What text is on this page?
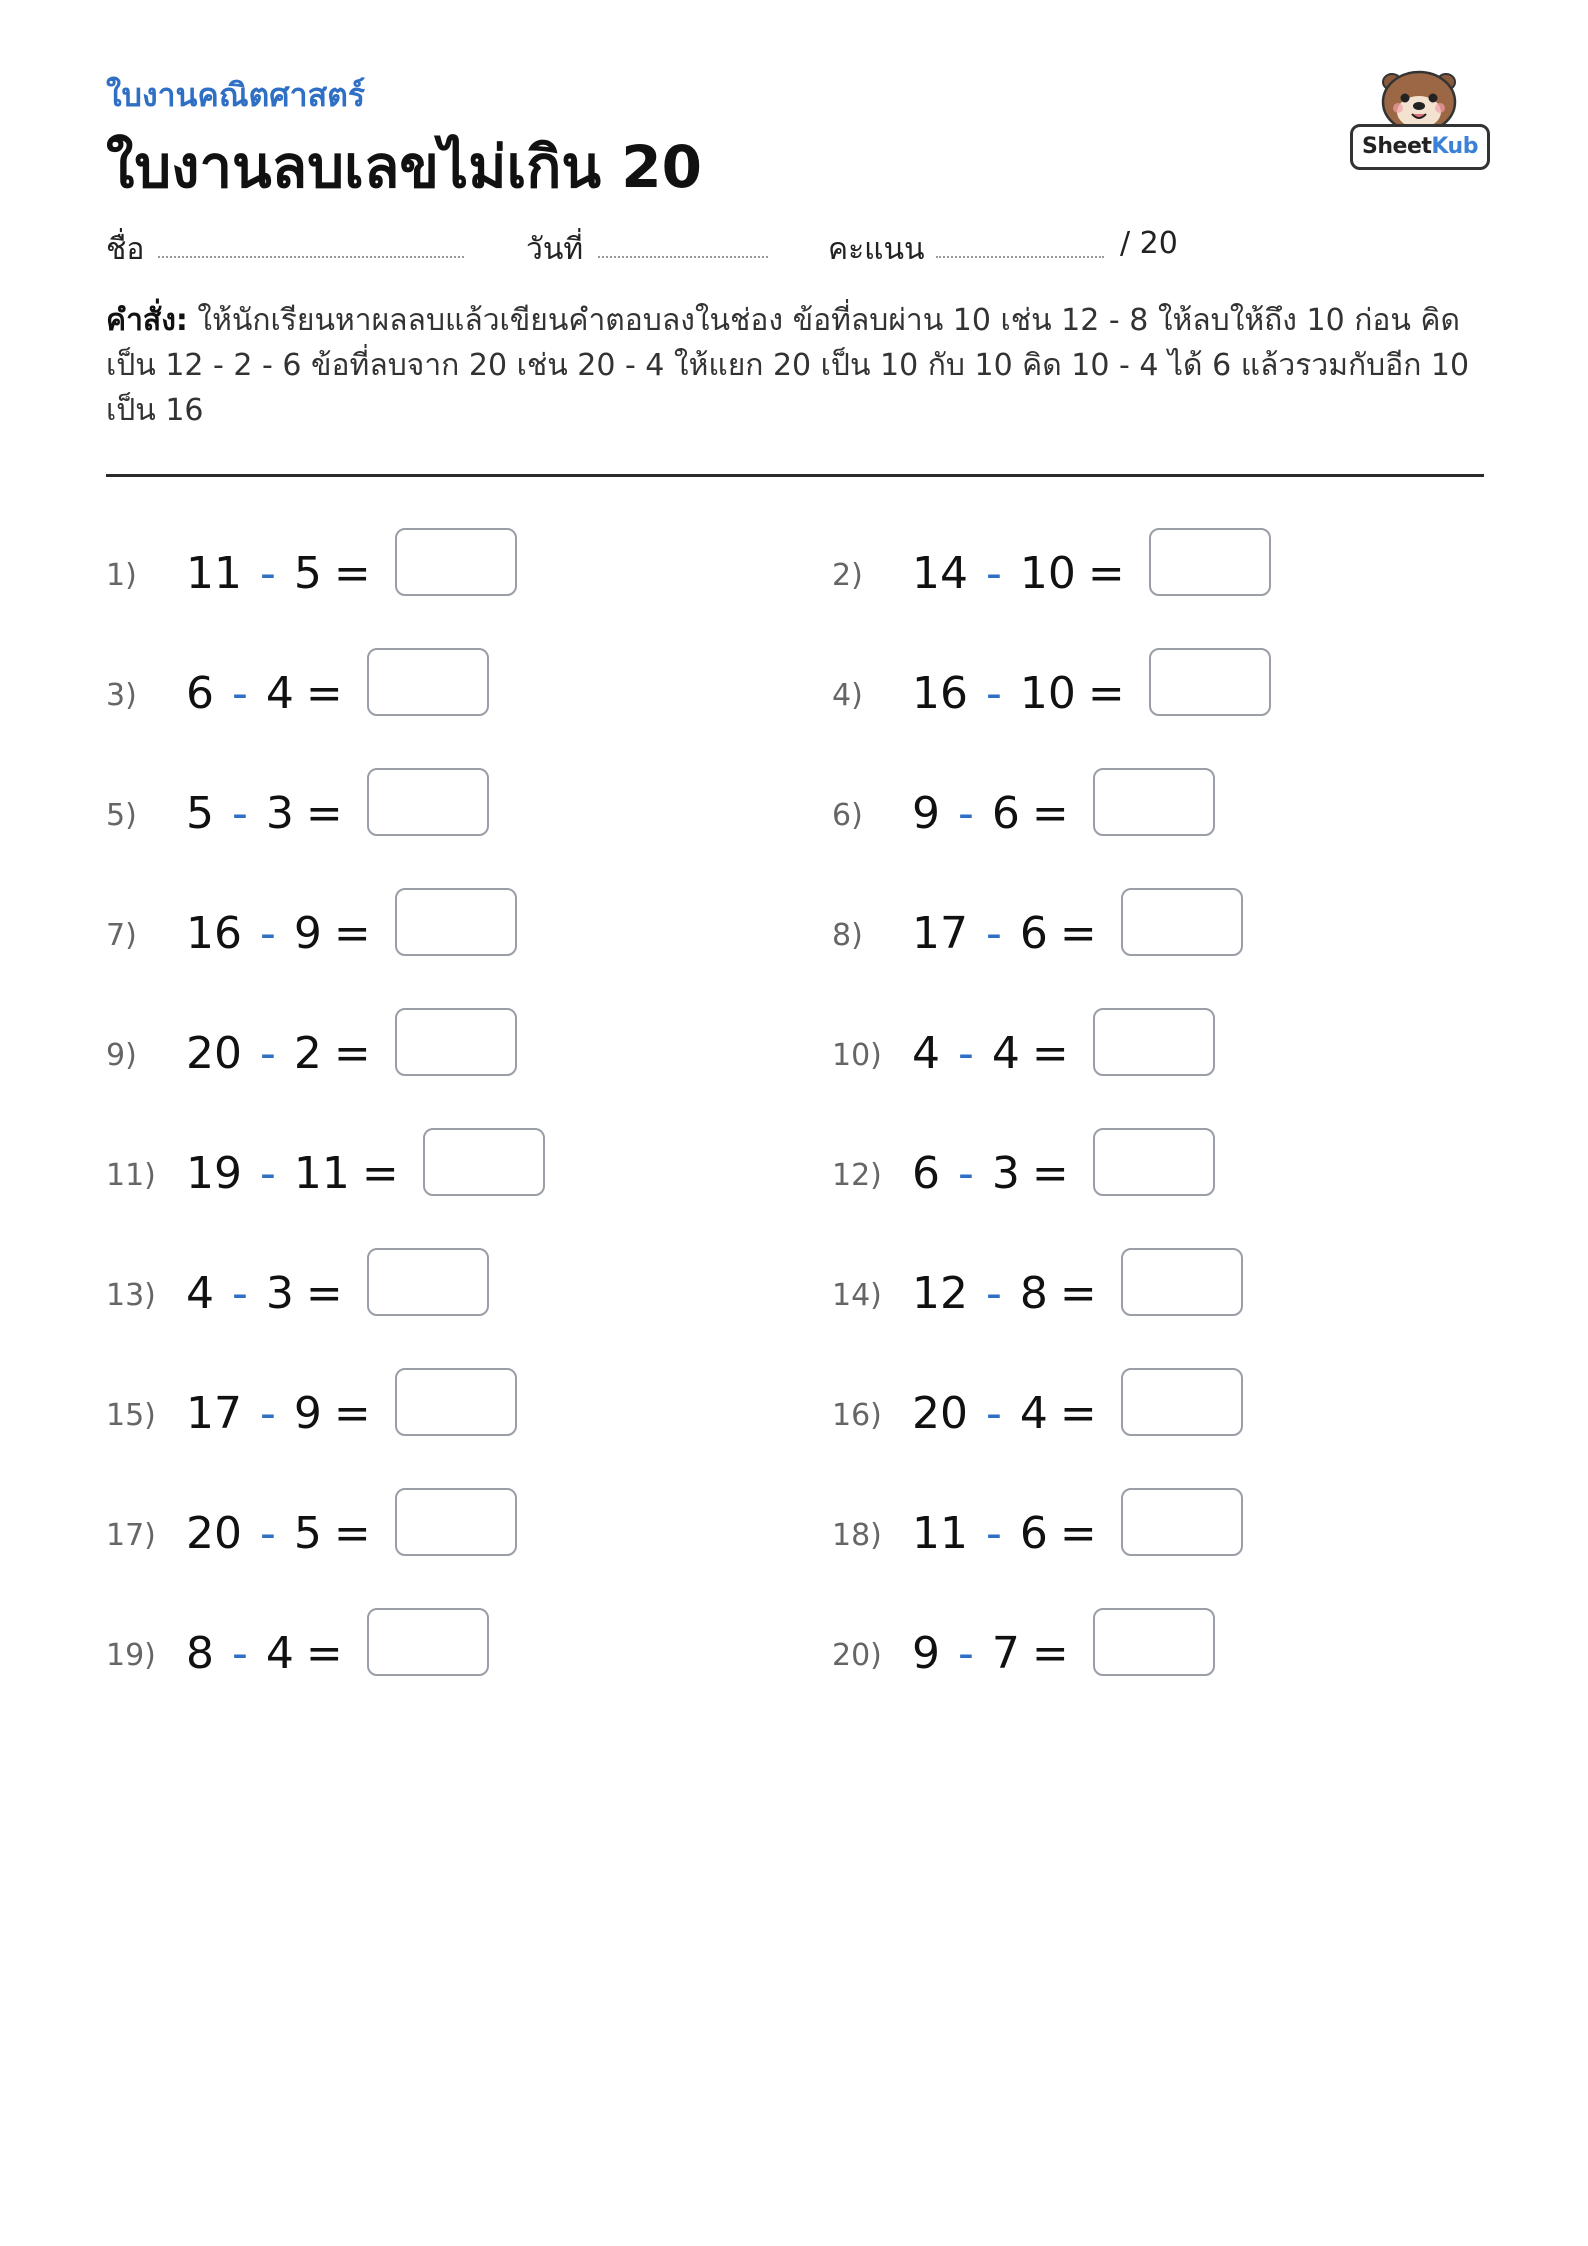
ใบงานคณิตศาสตร์
ใบงานลบเลขไม่เกิน 20	SheetKub
ชื่อ	วันที่	คะแนน	/ 20
คำสั่ง: ให้นักเรียนหาผลลบแล้วเขียนคำตอบลงในช่อง ข้อที่ลบผ่าน 10 เช่น 12 - 8 ให้ลบให้ถึง 10 ก่อน คิดเป็น 12 - 2 - 6 ข้อที่ลบจาก 20 เช่น 20 - 4 ให้แยก 20 เป็น 10 กับ 10 คิด 10 - 4 ได้ 6 แล้วรวมกับอีก 10 เป็น 16
1) 11 - 5 =	2) 14 - 10 =
3) 6 - 4 =	4) 16 - 10 =
5) 5 - 3 =	6) 9 - 6 =
7) 16 - 9 =	8) 17 - 6 =
9) 20 - 2 =	10) 4 - 4 =
11) 19 - 11 =	12) 6 - 3 =
13) 4 - 3 =	14) 12 - 8 =
15) 17 - 9 =	16) 20 - 4 =
17) 20 - 5 =	18) 11 - 6 =
19) 8 - 4 =	20) 9 - 7 =
